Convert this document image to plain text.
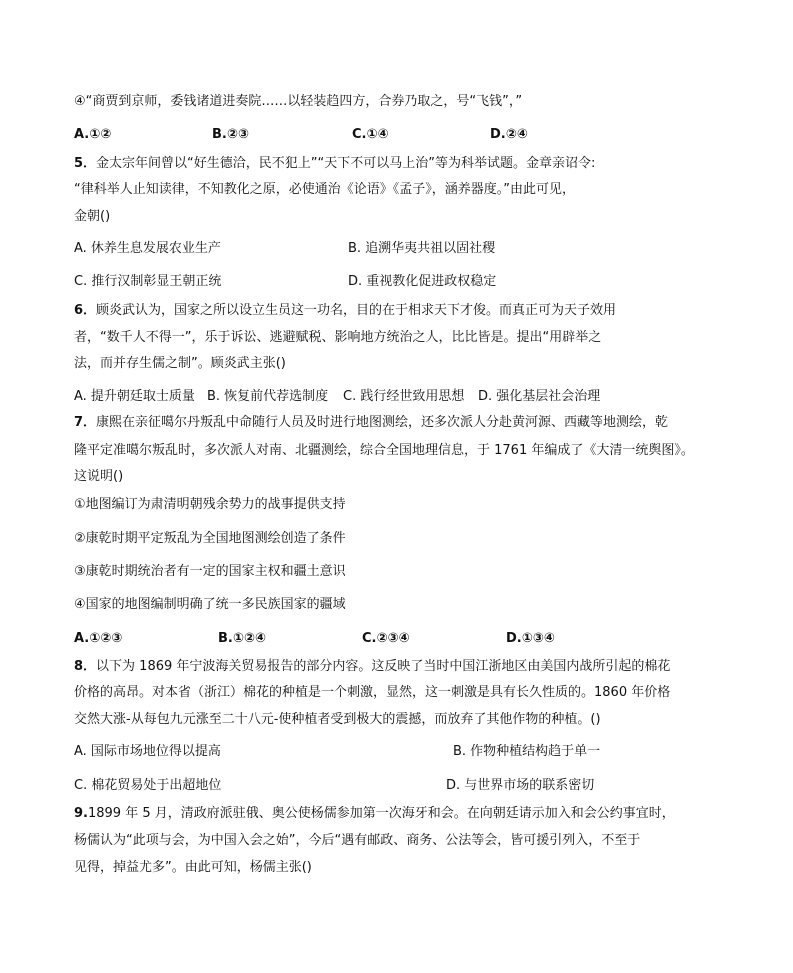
④“商贾到京师，委钱诸道进奏院……以轻装趋四方，合券乃取之，号“飞钱”，”
A.①②	B.②③	C.①④	D.②④
5．金太宗年间曾以“好生德洽，民不犯上”“天下不可以马上治”等为科举试题。金章亲诏令:
“律科举人止知读律，不知教化之原，必使通治《论语》《孟子》，涵养器度。”由此可见，
金朝()
A. 休养生息发展农业生产	B. 追溯华夷共祖以固社稷
C. 推行汉制彰显王朝正统	D. 重视教化促进政权稳定
6．顾炎武认为，国家之所以设立生员这一功名，目的在于相求天下才俊。而真正可为天子效用
者，“数千人不得一”，乐于诉讼、逃避赋税、影响地方统治之人，比比皆是。提出“用辟举之
法，而并存生儒之制”。顾炎武主张()
A. 提升朝廷取士质量 B. 恢复前代荐选制度 C. 践行经世致用思想 D. 强化基层社会治理
7．康熙在亲征噶尔丹叛乱中命随行人员及时进行地图测绘，还多次派人分赴黄河源、西藏等地测绘，乾
隆平定准噶尔叛乱时，多次派人对南、北疆测绘，综合全国地理信息，于 1761 年编成了《大清一统舆图》。
这说明()
①地图编订为肃清明朝残余势力的战事提供支持
②康乾时期平定叛乱为全国地图测绘创造了条件
③康乾时期统治者有一定的国家主权和疆土意识
④国家的地图编制明确了统一多民族国家的疆域
A.①②③	B.①②④	C.②③④	D.①③④
8．以下为 1869 年宁波海关贸易报告的部分内容。这反映了当时中国江浙地区由美国内战所引起的棉花
价格的高昂。对本省（浙江）棉花的种植是一个刺激，显然，这一刺激是具有长久性质的。1860 年价格
交然大涨-从每包九元涨至二十八元-使种植者受到极大的震撼，而放弃了其他作物的种植。()
A. 国际市场地位得以提高	B. 作物种植结构趋于单一
C. 棉花贸易处于出超地位	D. 与世界市场的联系密切
9.1899 年 5 月，清政府派驻俄、奥公使杨儒参加第一次海牙和会。在向朝廷请示加入和会公约事宜时，
杨儒认为“此项与会，为中国入会之始”，今后“遇有邮政、商务、公法等会，皆可援引列入，不至于
见得，掉益尤多”。由此可知，杨儒主张()
